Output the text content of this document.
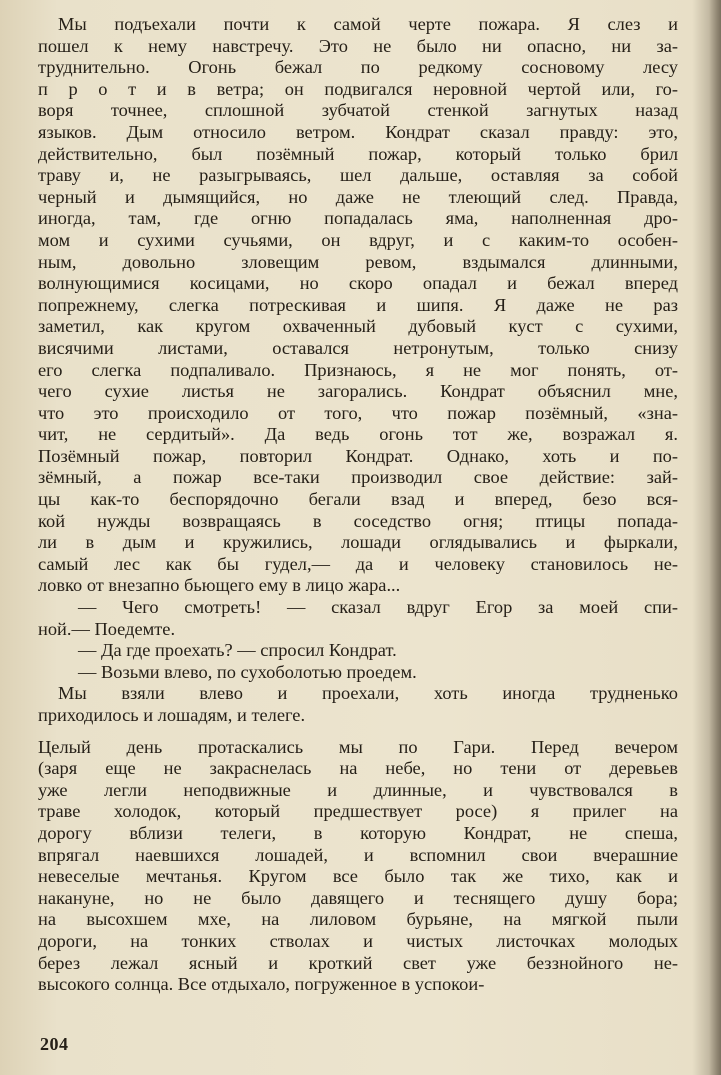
Мы подъехали почти к самой черте пожара. Я слез и
пошел к нему навстречу. Это не было ни опасно, ни за-
труднительно. Огонь бежал по редкому сосновому лесу
п р о т и в ветра; он подвигался неровной чертой или, го-
воря точнее, сплошной зубчатой стенкой загнутых назад
языков. Дым относило ветром. Кондрат сказал правду: это,
действительно, был позёмный пожар, который только брил
траву и, не разыгрываясь, шел дальше, оставляя за собой
черный и дымящийся, но даже не тлеющий след. Правда,
иногда, там, где огню попадалась яма, наполненная дро-
мом и сухими сучьями, он вдруг, и с каким-то особен-
ным, довольно зловещим ревом, вздымался длинными,
волнующимися косицами, но скоро опадал и бежал вперед
попрежнему, слегка потрескивая и шипя. Я даже не раз
заметил, как кругом охваченный дубовый куст с сухими,
висячими листами, оставался нетронутым, только снизу
его слегка подпаливало. Признаюсь, я не мог понять, от-
чего сухие листья не загорались. Кондрат объяснил мне,
что это происходило от того, что пожар позёмный, «зна-
чит, не сердитый». Да ведь огонь тот же, возражал я.
Позёмный пожар, повторил Кондрат. Однако, хоть и по-
зёмный, а пожар все-таки производил свое действие: зай-
цы как-то беспорядочно бегали взад и вперед, безо вся-
кой нужды возвращаясь в соседство огня; птицы попада-
ли в дым и кружились, лошади оглядывались и фыркали,
самый лес как бы гудел,— да и человеку становилось не-
ловко от внезапно бьющего ему в лицо жара...
— Чего смотреть! — сказал вдруг Егор за моей спи-
ной.— Поедемте.
— Да где проехать? — спросил Кондрат.
— Возьми влево, по сухоболотью проедем.
Мы взяли влево и проехали, хоть иногда трудненько
приходилось и лошадям, и телеге.
Целый день протаскались мы по Гари. Перед вечером
(заря еще не закраснелась на небе, но тени от деревьев
уже легли неподвижные и длинные, и чувствовался в
траве холодок, который предшествует росе) я прилег на
дорогу вблизи телеги, в которую Кондрат, не спеша,
впрягал наевшихся лошадей, и вспомнил свои вчерашние
невеселые мечтанья. Кругом все было так же тихо, как и
накануне, но не было давящего и теснящего душу бора;
на высохшем мхе, на лиловом бурьяне, на мягкой пыли
дороги, на тонких стволах и чистых листочках молодых
берез лежал ясный и кроткий свет уже беззнойного не-
высокого солнца. Все отдыхало, погруженное в успокои-
204
